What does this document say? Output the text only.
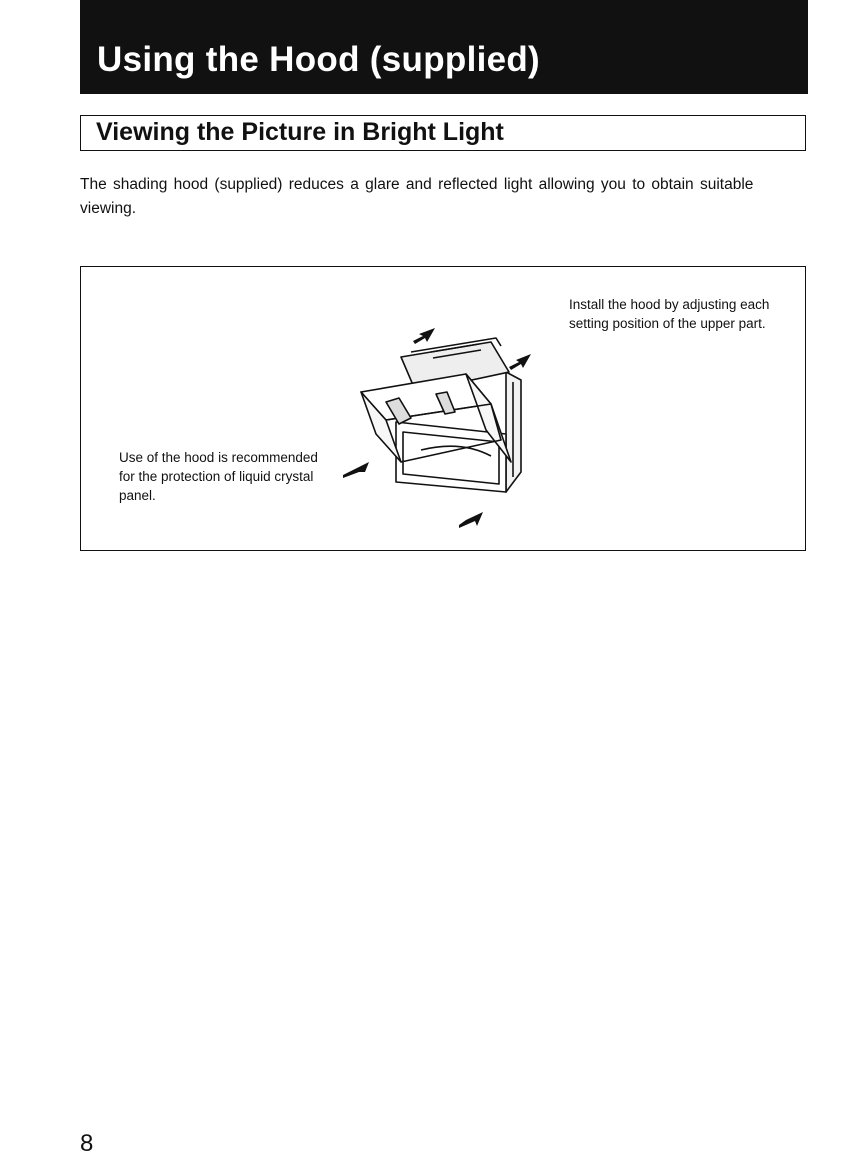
Using the Hood (supplied)
Viewing the Picture in Bright Light
The shading hood (supplied) reduces a glare and reflected light allowing you to obtain suitable viewing.
Install the hood by adjusting each setting position of the upper part.
Use of the hood is recommended for the protection of liquid crystal panel.
8
